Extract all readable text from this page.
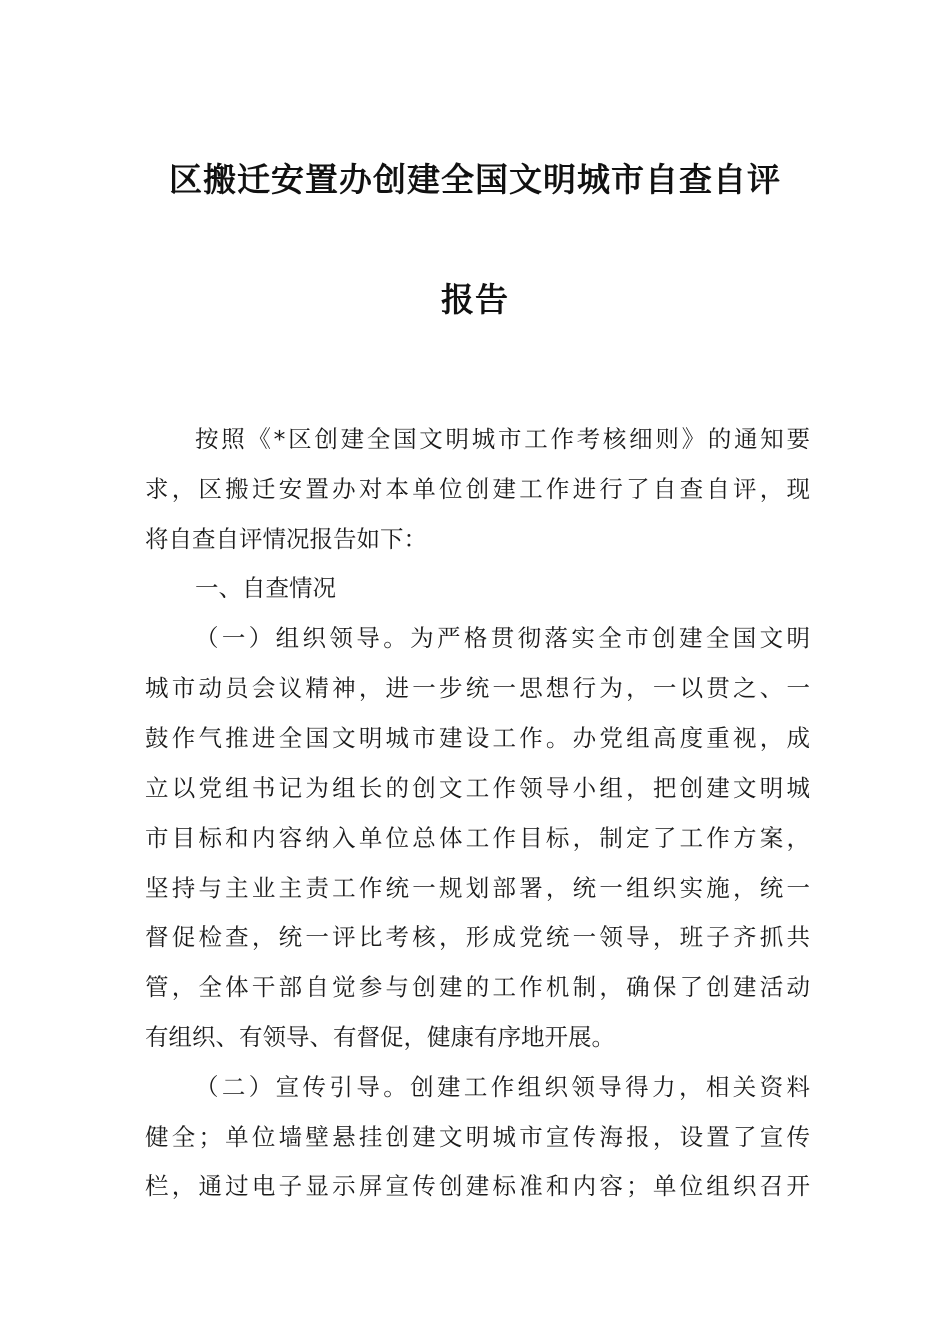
区搬迁安置办创建全国文明城市自查自评
报告
按照《*区创建全国文明城市工作考核细则》的通知要
求，区搬迁安置办对本单位创建工作进行了自查自评，现
将自查自评情况报告如下：
一、自查情况
（一）组织领导。为严格贯彻落实全市创建全国文明
城市动员会议精神，进一步统一思想行为，一以贯之、一
鼓作气推进全国文明城市建设工作。办党组高度重视，成
立以党组书记为组长的创文工作领导小组，把创建文明城
市目标和内容纳入单位总体工作目标，制定了工作方案，
坚持与主业主责工作统一规划部署，统一组织实施，统一
督促检查，统一评比考核，形成党统一领导，班子齐抓共
管，全体干部自觉参与创建的工作机制，确保了创建活动
有组织、有领导、有督促，健康有序地开展。
（二）宣传引导。创建工作组织领导得力，相关资料
健全；单位墙壁悬挂创建文明城市宣传海报，设置了宣传
栏，通过电子显示屏宣传创建标准和内容；单位组织召开
